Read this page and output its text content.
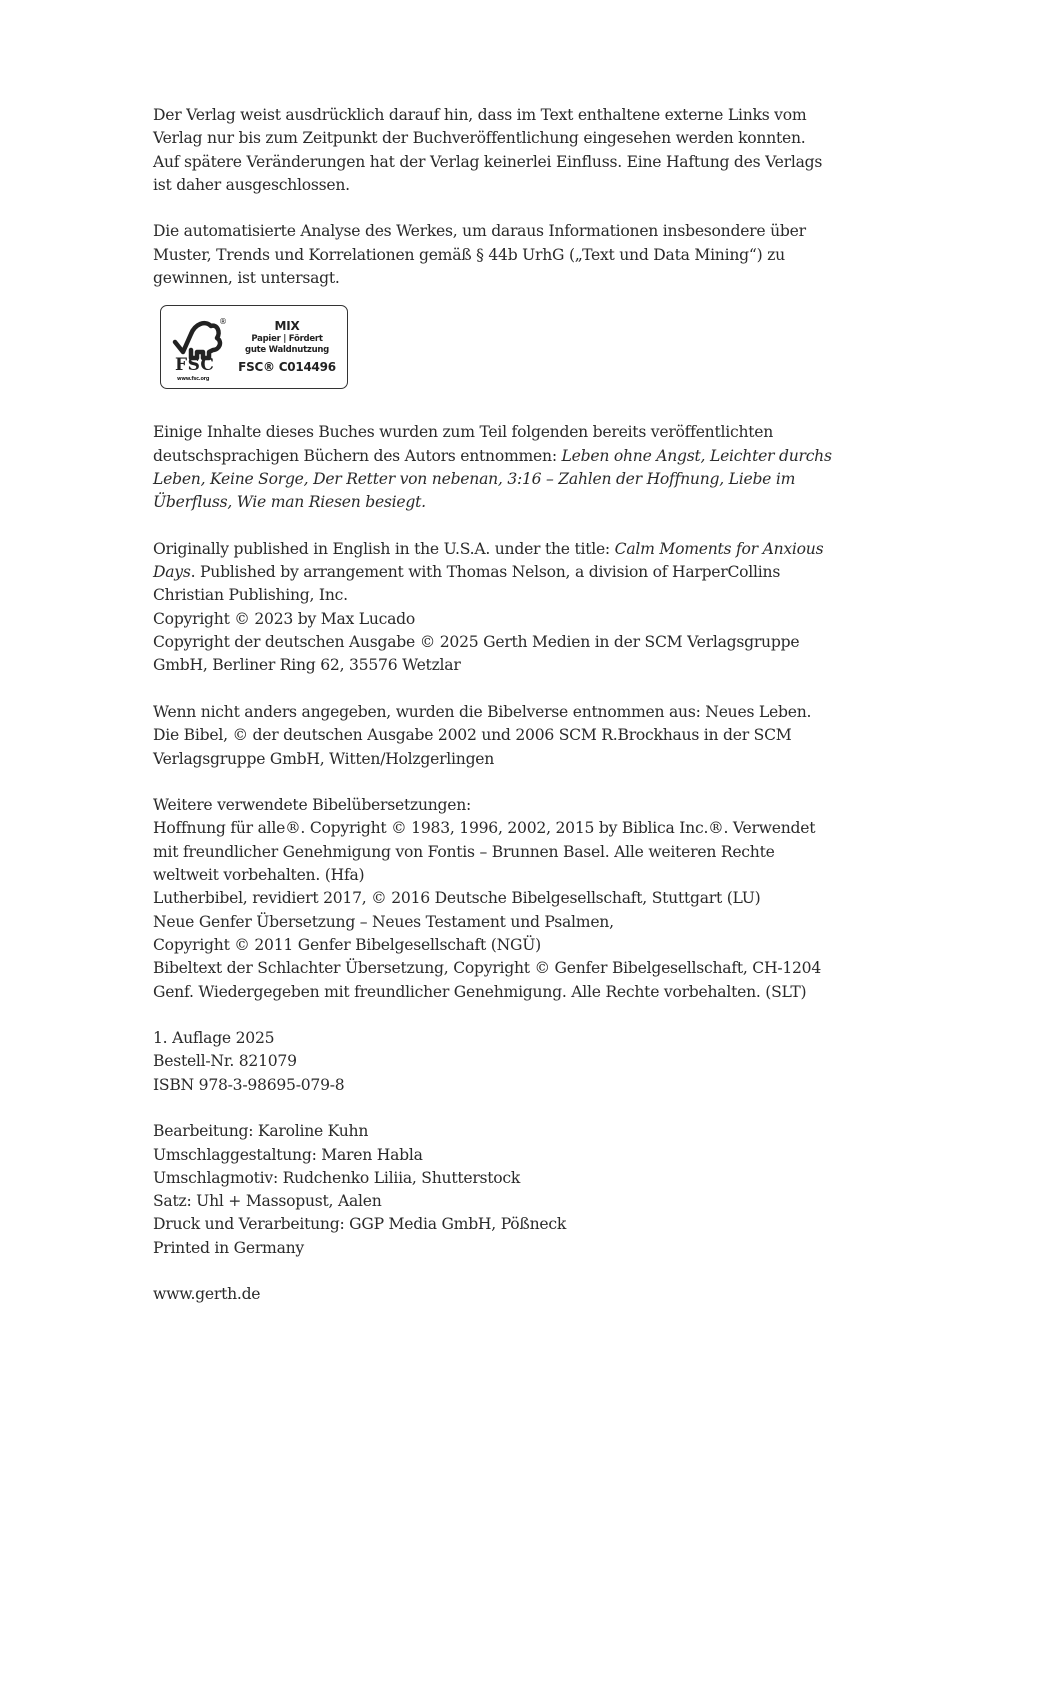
Der Verlag weist ausdrücklich darauf hin, dass im Text enthaltene externe Links vom
Verlag nur bis zum Zeitpunkt der Buchveröffentlichung eingesehen werden konnten.
Auf spätere Veränderungen hat der Verlag keinerlei Einfluss. Eine Haftung des Verlags
ist daher ausgeschlossen.

Die automatisierte Analyse des Werkes, um daraus Informationen insbesondere über
Muster, Trends und Korrelationen gemäß § 44b UrhG („Text und Data Mining“) zu
gewinnen, ist untersagt.

®
FSC
www.fsc.org
MIX
Papier | Fördert
gute Waldnutzung
FSC® C014496

Einige Inhalte dieses Buches wurden zum Teil folgenden bereits veröffentlichten
deutschsprachigen Büchern des Autors entnommen: Leben ohne Angst, Leichter durchs
Leben, Keine Sorge, Der Retter von nebenan, 3:16 – Zahlen der Hoffnung, Liebe im
Überfluss, Wie man Riesen besiegt.

Originally published in English in the U.S.A. under the title: Calm Moments for Anxious
Days. Published by arrangement with Thomas Nelson, a division of HarperCollins
Christian Publishing, Inc.
Copyright © 2023 by Max Lucado
Copyright der deutschen Ausgabe © 2025 Gerth Medien in der SCM Verlagsgruppe
GmbH, Berliner Ring 62, 35576 Wetzlar

Wenn nicht anders angegeben, wurden die Bibelverse entnommen aus: Neues Leben.
Die Bibel, © der deutschen Ausgabe 2002 und 2006 SCM R.Brockhaus in der SCM
Verlagsgruppe GmbH, Witten/Holzgerlingen

Weitere verwendete Bibelübersetzungen:
Hoffnung für alle®. Copyright © 1983, 1996, 2002, 2015 by Biblica Inc.®. Verwendet
mit freundlicher Genehmigung von Fontis – Brunnen Basel. Alle weiteren Rechte
weltweit vorbehalten. (Hfa)
Lutherbibel, revidiert 2017, © 2016 Deutsche Bibelgesellschaft, Stuttgart (LU)
Neue Genfer Übersetzung – Neues Testament und Psalmen,
Copyright © 2011 Genfer Bibelgesellschaft (NGÜ)
Bibeltext der Schlachter Übersetzung, Copyright © Genfer Bibelgesellschaft, CH-1204
Genf. Wiedergegeben mit freundlicher Genehmigung. Alle Rechte vorbehalten. (SLT)

1. Auflage 2025
Bestell-Nr. 821079
ISBN 978-3-98695-079-8

Bearbeitung: Karoline Kuhn
Umschlaggestaltung: Maren Habla
Umschlagmotiv: Rudchenko Liliia, Shutterstock
Satz: Uhl + Massopust, Aalen
Druck und Verarbeitung: GGP Media GmbH, Pößneck
Printed in Germany

www.gerth.de
